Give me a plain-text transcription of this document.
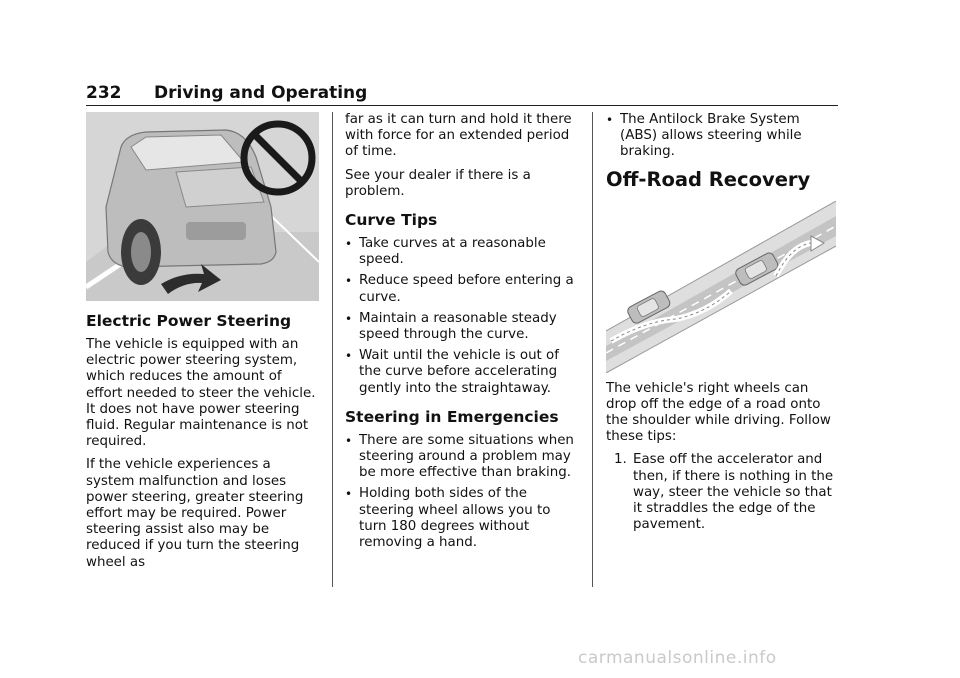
232 Driving and Operating
Electric Power Steering

The vehicle is equipped with an electric power steering system, which reduces the amount of effort needed to steer the vehicle. It does not have power steering fluid. Regular maintenance is not required.

If the vehicle experiences a system malfunction and loses power steering, greater steering effort may be required. Power steering assist also may be reduced if you turn the steering wheel as

far as it can turn and hold it there with force for an extended period of time.

See your dealer if there is a problem.

Curve Tips
• Take curves at a reasonable speed.
• Reduce speed before entering a curve.
• Maintain a reasonable steady speed through the curve.
• Wait until the vehicle is out of the curve before accelerating gently into the straightaway.
Steering in Emergencies
• There are some situations when steering around a problem may be more effective than braking.
• Holding both sides of the steering wheel allows you to turn 180 degrees without removing a hand.
• The Antilock Brake System (ABS) allows steering while braking.
Off-Road Recovery

The vehicle's right wheels can drop off the edge of a road onto the shoulder while driving. Follow these tips:

1. Ease off the accelerator and then, if there is nothing in the way, steer the vehicle so that it straddles the edge of the pavement.
carmanualsonline.info
